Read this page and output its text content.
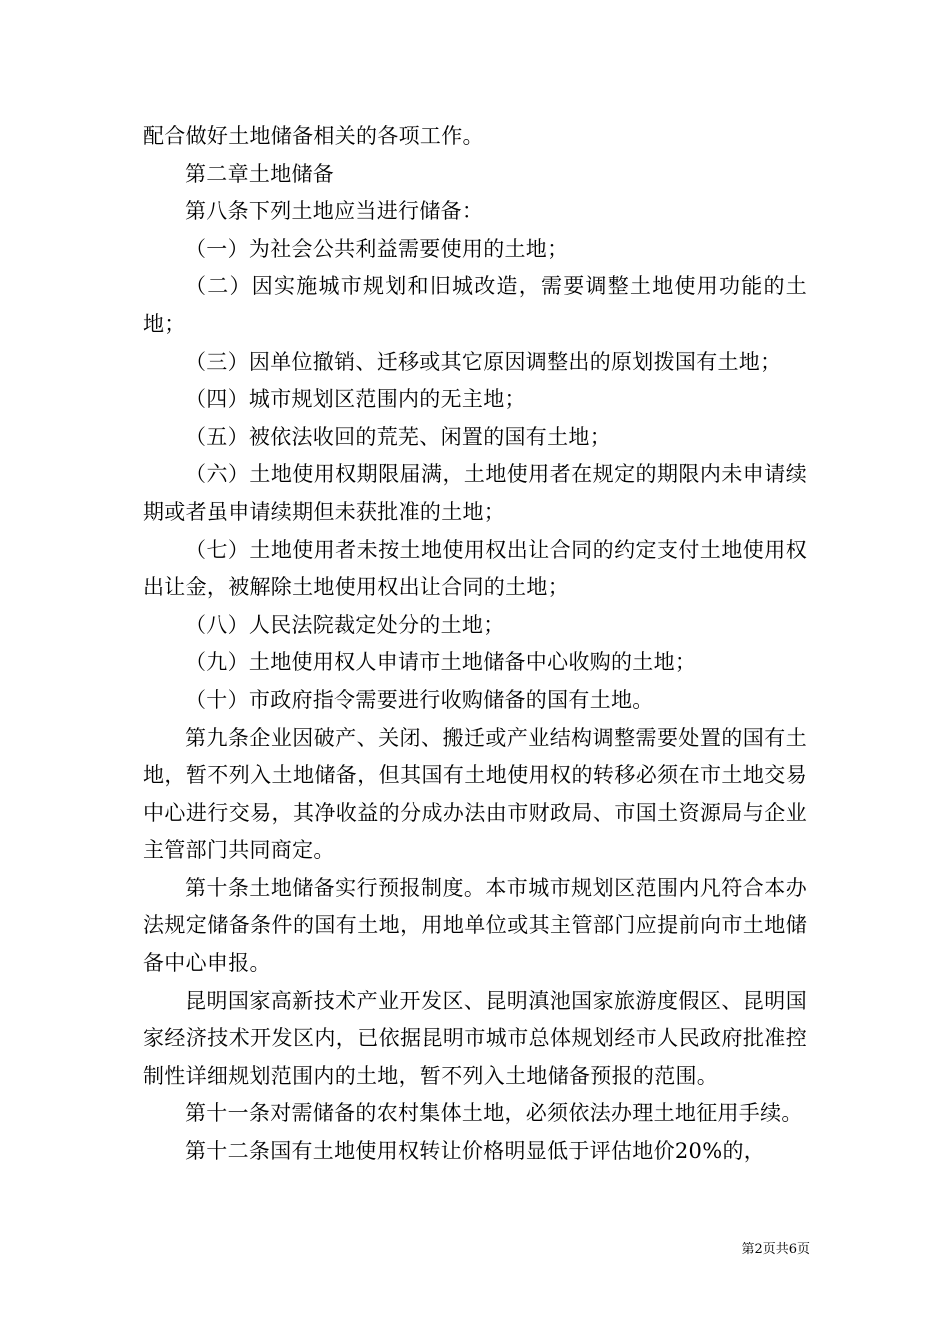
配合做好土地储备相关的各项工作。

第二章土地储备

第八条下列土地应当进行储备：

（一）为社会公共利益需要使用的土地；

（二）因实施城市规划和旧城改造，需要调整土地使用功能的土地；

（三）因单位撤销、迁移或其它原因调整出的原划拨国有土地；

（四）城市规划区范围内的无主地；

（五）被依法收回的荒芜、闲置的国有土地；

（六）土地使用权期限届满，土地使用者在规定的期限内未申请续期或者虽申请续期但未获批准的土地；

（七）土地使用者未按土地使用权出让合同的约定支付土地使用权出让金，被解除土地使用权出让合同的土地；

（八）人民法院裁定处分的土地；

（九）土地使用权人申请市土地储备中心收购的土地；

（十）市政府指令需要进行收购储备的国有土地。

第九条企业因破产、关闭、搬迁或产业结构调整需要处置的国有土地，暂不列入土地储备，但其国有土地使用权的转移必须在市土地交易中心进行交易，其净收益的分成办法由市财政局、市国土资源局与企业主管部门共同商定。

第十条土地储备实行预报制度。本市城市规划区范围内凡符合本办法规定储备条件的国有土地，用地单位或其主管部门应提前向市土地储备中心申报。

昆明国家高新技术产业开发区、昆明滇池国家旅游度假区、昆明国家经济技术开发区内，已依据昆明市城市总体规划经市人民政府批准控制性详细规划范围内的土地，暂不列入土地储备预报的范围。

第十一条对需储备的农村集体土地，必须依法办理土地征用手续。

第十二条国有土地使用权转让价格明显低于评估地价20%的，

第2页共6页
